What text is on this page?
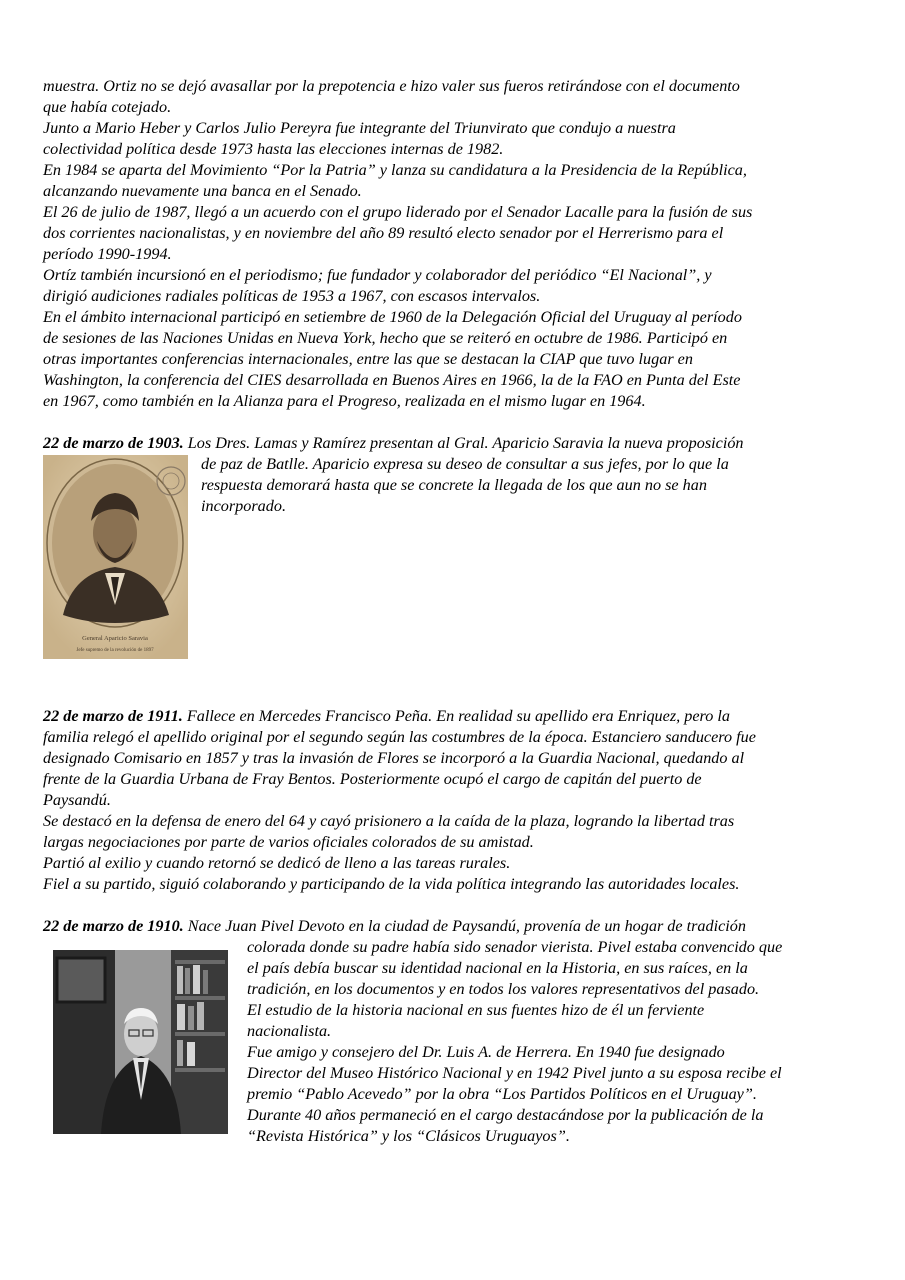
muestra. Ortiz no se dejó avasallar por la prepotencia e hizo valer sus fueros retirándose con el documento
que había cotejado.
Junto a Mario Heber y Carlos Julio Pereyra fue integrante del Triunvirato que condujo a nuestra
colectividad política desde 1973 hasta las elecciones internas de 1982.
En 1984 se aparta del Movimiento “Por la Patria” y lanza su candidatura a la Presidencia de la República,
alcanzando nuevamente una banca en el Senado.
El 26 de julio de 1987, llegó a un acuerdo con el grupo liderado por el Senador Lacalle para la fusión de sus
dos corrientes nacionalistas, y en noviembre del año 89 resultó electo senador por el Herrerismo para el
período 1990-1994.
Ortíz también incursionó en el periodismo; fue fundador y colaborador del periódico “El Nacional”, y
dirigió audiciones radiales políticas de 1953 a 1967, con escasos intervalos.
En el ámbito internacional participó en setiembre de 1960 de la Delegación Oficial del Uruguay al período
de sesiones de las Naciones Unidas en Nueva York, hecho que se reiteró en octubre de 1986. Participó en
otras importantes conferencias internacionales, entre las que se destacan la CIAP que tuvo lugar en
Washington, la conferencia del CIES desarrollada en Buenos Aires en 1966, la de la FAO en Punta del Este
en 1967, como también en la Alianza para el Progreso, realizada en el mismo lugar en 1964.
22 de marzo de 1903. Los Dres. Lamas y Ramírez presentan al Gral. Aparicio Saravia la nueva proposición
de paz de Batlle. Aparicio expresa su deseo de consultar a sus jefes, por lo que la
respuesta demorará hasta que se concrete la llegada de los que aun no se han
incorporado.
General Aparicio Saravia
Jefe supremo de la revolución de 1897
22 de marzo de 1911. Fallece en Mercedes Francisco Peña. En realidad su apellido era Enriquez, pero la
familia relegó el apellido original por el segundo según las costumbres de la época. Estanciero sanducero fue
designado Comisario en 1857 y tras la invasión de Flores se incorporó a la Guardia Nacional, quedando al
frente de la Guardia Urbana de Fray Bentos. Posteriormente ocupó el cargo de capitán del puerto de
Paysandú.
Se destacó en la defensa de enero del 64 y cayó prisionero a la caída de la plaza, logrando la libertad tras
largas negociaciones por parte de varios oficiales colorados de su amistad.
Partió al exilio y cuando retornó se dedicó de lleno a las tareas rurales.
Fiel a su partido, siguió colaborando y participando de la vida política integrando las autoridades locales.
22 de marzo de 1910. Nace Juan Pivel Devoto en la ciudad de Paysandú, provenía de un hogar de tradición
colorada donde su padre había sido senador vierista. Pivel estaba convencido que
el país debía buscar su identidad nacional en la Historia, en sus raíces, en la
tradición, en los documentos y en todos los valores representativos del pasado.
El estudio de la historia nacional en sus fuentes hizo de él un ferviente
nacionalista.
Fue amigo y consejero del Dr. Luis A. de Herrera. En 1940 fue designado
Director del Museo Histórico Nacional y en 1942 Pivel junto a su esposa recibe el
premio “Pablo Acevedo” por la obra “Los Partidos Políticos en el Uruguay”.
Durante 40 años permaneció en el cargo destacándose por la publicación de la
“Revista Histórica” y los “Clásicos Uruguayos”.
